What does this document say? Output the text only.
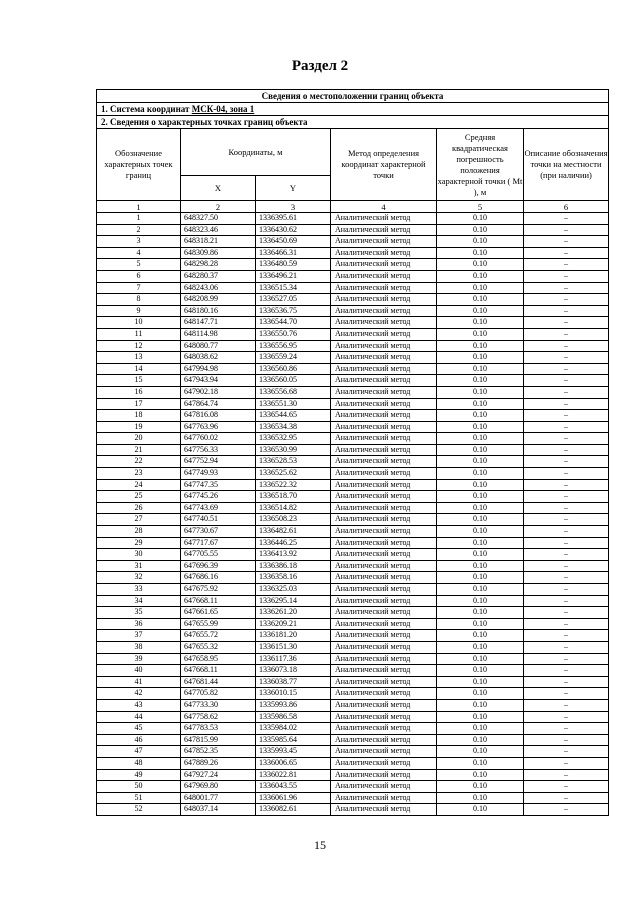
Раздел 2
Сведения о местоположении границ объекта					
1. Система координат МСК-04, зона 1					
2. Сведения о характерных точках границ объекта					
Обозначение характерных точек границ	Координаты, м		Метод определения координат характерной точки	Средняя квадратическая погрешность положения характерной точки ( Mt ), м	Описание обозначения точки на местности (при наличии)
	X	Y			
1	2	3	4	5	6
1	648327.50	1336395.61	Аналитический метод	0.10	–
2	648323.46	1336430.62	Аналитический метод	0.10	–
3	648318.21	1336450.69	Аналитический метод	0.10	–
4	648309.86	1336466.31	Аналитический метод	0.10	–
5	648298.28	1336480.59	Аналитический метод	0.10	–
6	648280.37	1336496.21	Аналитический метод	0.10	–
7	648243.06	1336515.34	Аналитический метод	0.10	–
8	648208.99	1336527.05	Аналитический метод	0.10	–
9	648180.16	1336536.75	Аналитический метод	0.10	–
10	648147.71	1336544.70	Аналитический метод	0.10	–
11	648114.98	1336550.76	Аналитический метод	0.10	–
12	648080.77	1336556.95	Аналитический метод	0.10	–
13	648038.62	1336559.24	Аналитический метод	0.10	–
14	647994.98	1336560.86	Аналитический метод	0.10	–
15	647943.94	1336560.05	Аналитический метод	0.10	–
16	647902.18	1336556.68	Аналитический метод	0.10	–
17	647864.74	1336551.30	Аналитический метод	0.10	–
18	647816.08	1336544.65	Аналитический метод	0.10	–
19	647763.96	1336534.38	Аналитический метод	0.10	–
20	647760.02	1336532.95	Аналитический метод	0.10	–
21	647756.33	1336530.99	Аналитический метод	0.10	–
22	647752.94	1336528.53	Аналитический метод	0.10	–
23	647749.93	1336525.62	Аналитический метод	0.10	–
24	647747.35	1336522.32	Аналитический метод	0.10	–
25	647745.26	1336518.70	Аналитический метод	0.10	–
26	647743.69	1336514.82	Аналитический метод	0.10	–
27	647740.51	1336508.23	Аналитический метод	0.10	–
28	647730.67	1336482.61	Аналитический метод	0.10	–
29	647717.67	1336446.25	Аналитический метод	0.10	–
30	647705.55	1336413.92	Аналитический метод	0.10	–
31	647696.39	1336386.18	Аналитический метод	0.10	–
32	647686.16	1336358.16	Аналитический метод	0.10	–
33	647675.92	1336325.03	Аналитический метод	0.10	–
34	647668.11	1336295.14	Аналитический метод	0.10	–
35	647661.65	1336261.20	Аналитический метод	0.10	–
36	647655.99	1336209.21	Аналитический метод	0.10	–
37	647655.72	1336181.20	Аналитический метод	0.10	–
38	647655.32	1336151.30	Аналитический метод	0.10	–
39	647658.95	1336117.36	Аналитический метод	0.10	–
40	647668.11	1336073.18	Аналитический метод	0.10	–
41	647681.44	1336038.77	Аналитический метод	0.10	–
42	647705.82	1336010.15	Аналитический метод	0.10	–
43	647733.30	1335993.86	Аналитический метод	0.10	–
44	647758.62	1335986.58	Аналитический метод	0.10	–
45	647783.53	1335984.02	Аналитический метод	0.10	–
46	647815.99	1335985.64	Аналитический метод	0.10	–
47	647852.35	1335993.45	Аналитический метод	0.10	–
48	647889.26	1336006.65	Аналитический метод	0.10	–
49	647927.24	1336022.81	Аналитический метод	0.10	–
50	647969.80	1336043.55	Аналитический метод	0.10	–
51	648001.77	1336061.96	Аналитический метод	0.10	–
52	648037.14	1336082.61	Аналитический метод	0.10	–
15
